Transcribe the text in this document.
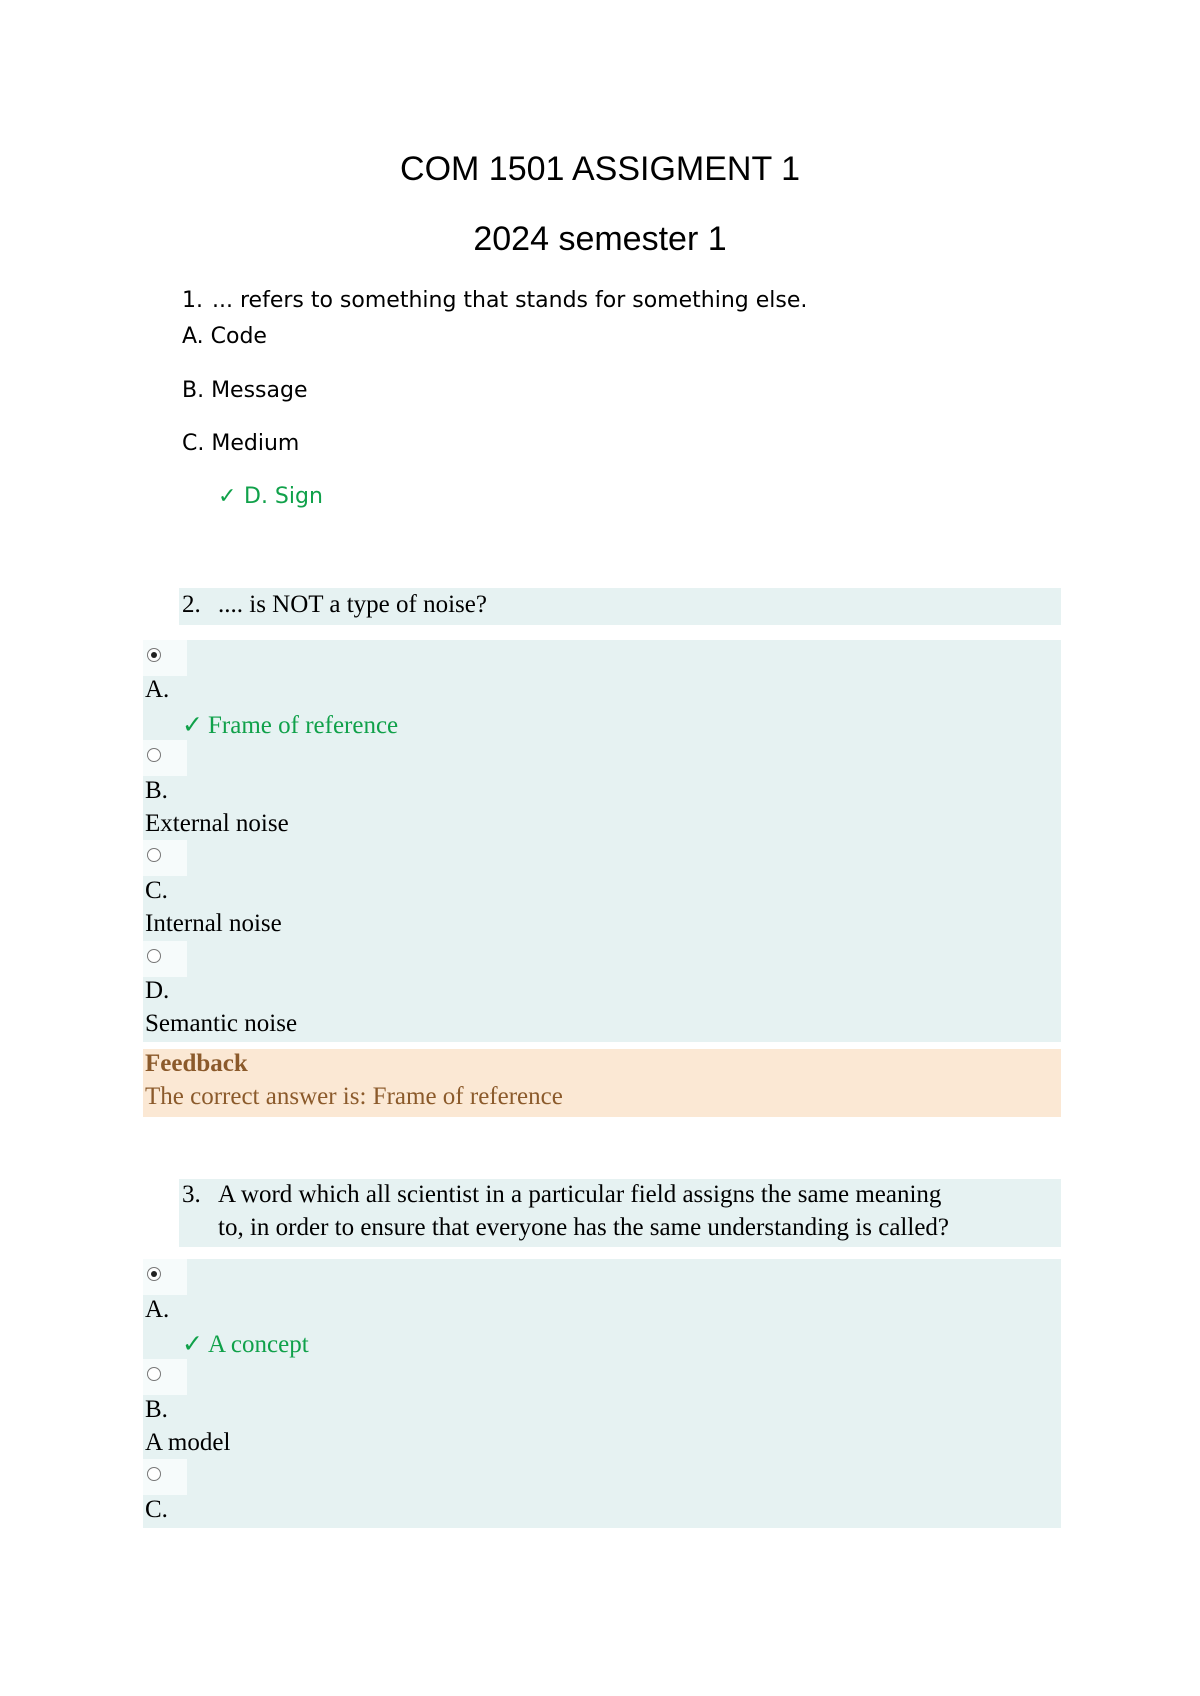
COM 1501 ASSIGMENT 1
2024 semester 1
1. ... refers to something that stands for something else.
A. Code
B. Message
C. Medium
✓ D. Sign
2. .... is NOT a type of noise?
A.
✓ Frame of reference
B.
External noise
C.
Internal noise
D.
Semantic noise
Feedback
The correct answer is: Frame of reference
3. A word which all scientist in a particular field assigns the same meaning
to, in order to ensure that everyone has the same understanding is called?
A.
✓ A concept
B.
A model
C.
